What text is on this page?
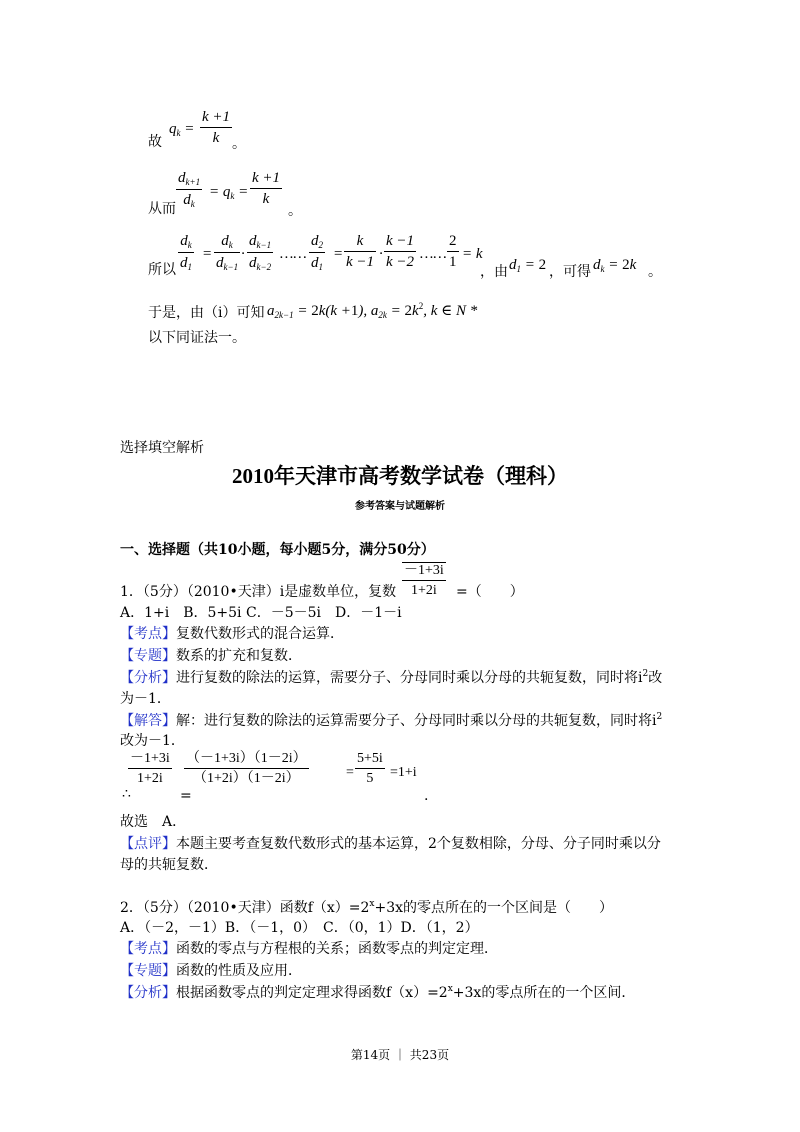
故
$q_k = \frac{k +1}{k}$ 。
$\frac{d_{k+1}}{d_k}$
从而
= $q_k = \frac{k +1}{k}$
。
所以 $\frac{d_k}{d_1} = \frac{d_k}{d_{k-1}} \cdot \frac{d_{k-1}}{d_{k-2}}$ …… $\frac{d_2}{d_1} = \frac{k}{k -1} \cdot \frac{k -1}{k -2}$ …… $\frac{2}{1} = k$
，由 $d_1 = 2$ ，可得 $d_k = 2k$ 。
于是，由（i）可知 $a_{2k-1} = 2k(k +1)$, $a_{2k} = 2k^2$, k ∈ N *
以下同证法一。
选择填空解析
2010年天津市高考数学试卷（理科）
参考答案与试题解析
一、选择题（共10小题，每小题5分，满分50分）
1．（5分）（2010•天津）i是虚数单位，复数 $\frac{-1+3i}{1+2i}$ =（　　）
A．1+i　B．5+5i C．－5－5i　D．－1－i
【考点】复数代数形式的混合运算．
【专题】数系的扩充和复数．
【分析】进行复数的除法的运算，需要分子、分母同时乘以分母的共轭复数，同时将$i^2$改
为－1．
【解答】解：进行复数的除法的运算需要分子、分母同时乘以分母的共轭复数，同时将$i^2$
改为－1．
$\frac{-1+3i}{1+2i} \frac{(-1+3i)(1-2i)}{(1+2i)(1-2i)}$	= $\frac{5+5i}{5} =1+i$
∴	=	.
故选　A．
【点评】本题主要考查复数代数形式的基本运算，2个复数相除，分母、分子同时乘以分
母的共轭复数．
2．（5分）（2010•天津）函数$f(x)=2^x+3x$的零点所在的一个区间是（　　）
A．（－2，－1）B．（－1，0）　C．（0，1）D．（1，2）
【考点】函数的零点与方程根的关系；函数零点的判定定理．
【专题】函数的性质及应用．
【分析】根据函数零点的判定定理求得函数$f(x)=2^x+3x$的零点所在的一个区间．
第14页 ｜ 共23页
